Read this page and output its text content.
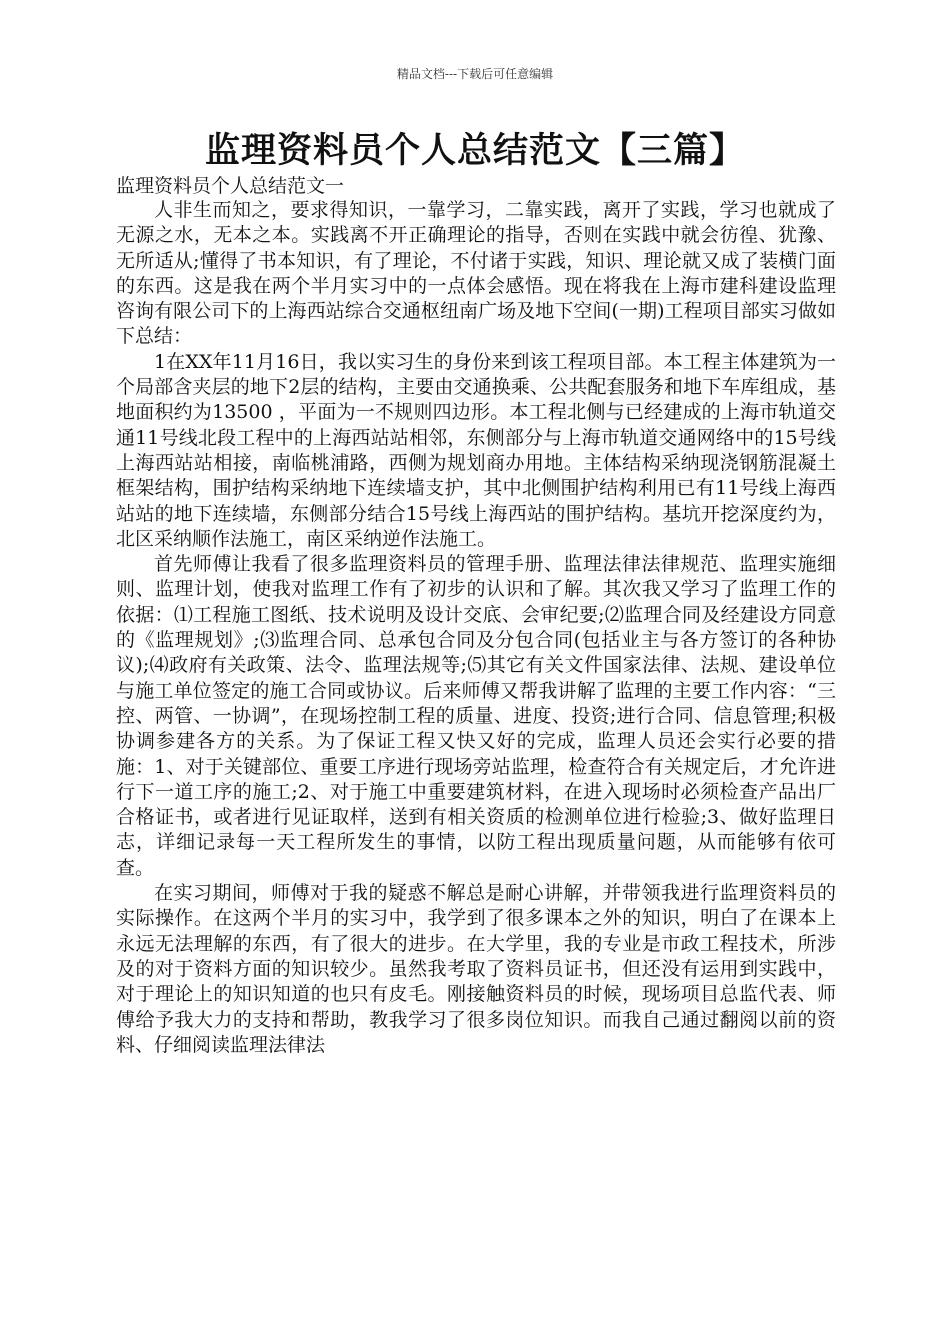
精品文档---下载后可任意编辑
监理资料员个人总结范文【三篇】

监理资料员个人总结范文一

人非生而知之，要求得知识，一靠学习，二靠实践，离开了实践，学习也就成了无源之水，无本之本。实践离不开正确理论的指导，否则在实践中就会彷徨、犹豫、无所适从;懂得了书本知识，有了理论，不付诸于实践，知识、理论就又成了装横门面的东西。这是我在两个半月实习中的一点体会感悟。现在将我在上海市建科建设监理咨询有限公司下的上海西站综合交通枢纽南广场及地下空间(一期)工程项目部实习做如下总结：

1在XX年11月16日，我以实习生的身份来到该工程项目部。本工程主体建筑为一个局部含夹层的地下2层的结构，主要由交通换乘、公共配套服务和地下车库组成，基地面积约为13500 ，平面为一不规则四边形。本工程北侧与已经建成的上海市轨道交通11号线北段工程中的上海西站站相邻，东侧部分与上海市轨道交通网络中的15号线上海西站站相接，南临桃浦路，西侧为规划商办用地。主体结构采纳现浇钢筋混凝土框架结构，围护结构采纳地下连续墙支护，其中北侧围护结构利用已有11号线上海西站站的地下连续墙，东侧部分结合15号线上海西站的围护结构。基坑开挖深度约为，北区采纳顺作法施工，南区采纳逆作法施工。

首先师傅让我看了很多监理资料员的管理手册、监理法律法律规范、监理实施细则、监理计划，使我对监理工作有了初步的认识和了解。其次我又学习了监理工作的依据：⑴工程施工图纸、技术说明及设计交底、会审纪要;⑵监理合同及经建设方同意的《监理规划》;⑶监理合同、总承包合同及分包合同(包括业主与各方签订的各种协议);⑷政府有关政策、法令、监理法规等;⑸其它有关文件国家法律、法规、建设单位与施工单位签定的施工合同或协议。后来师傅又帮我讲解了监理的主要工作内容：“三控、两管、一协调”，在现场控制工程的质量、进度、投资;进行合同、信息管理;积极协调参建各方的关系。为了保证工程又快又好的完成，监理人员还会实行必要的措施：1、对于关键部位、重要工序进行现场旁站监理，检查符合有关规定后，才允许进行下一道工序的施工;2、对于施工中重要建筑材料，在进入现场时必须检查产品出厂合格证书，或者进行见证取样，送到有相关资质的检测单位进行检验;3、做好监理日志，详细记录每一天工程所发生的事情，以防工程出现质量问题，从而能够有依可查。

在实习期间，师傅对于我的疑惑不解总是耐心讲解，并带领我进行监理资料员的实际操作。在这两个半月的实习中，我学到了很多课本之外的知识，明白了在课本上永远无法理解的东西，有了很大的进步。在大学里，我的专业是市政工程技术，所涉及的对于资料方面的知识较少。虽然我考取了资料员证书，但还没有运用到实践中，对于理论上的知识知道的也只有皮毛。刚接触资料员的时候，现场项目总监代表、师傅给予我大力的支持和帮助，教我学习了很多岗位知识。而我自己通过翻阅以前的资料、仔细阅读监理法律法
